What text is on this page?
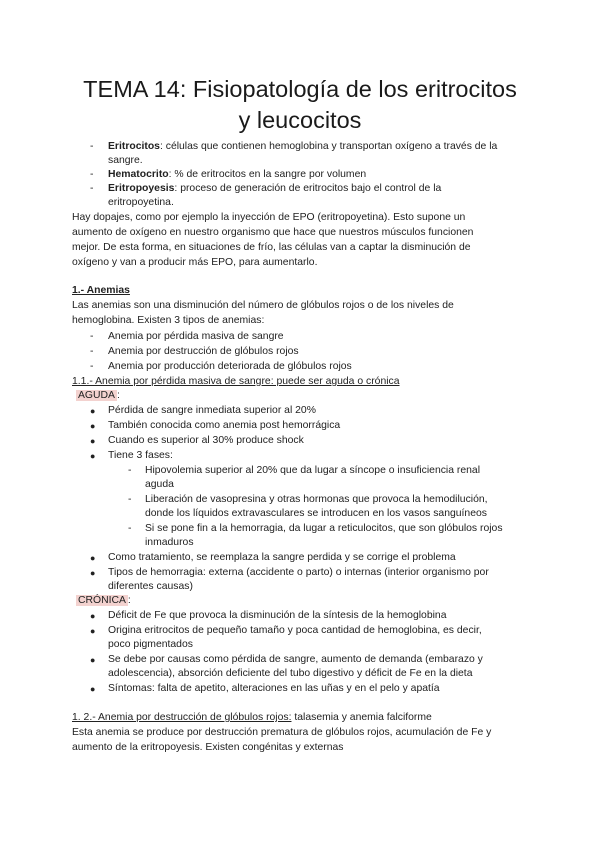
TEMA 14: Fisiopatología de los eritrocitos
y leucocitos
- Eritrocitos: células que contienen hemoglobina y transportan oxígeno a través de la
sangre.
- Hematocrito: % de eritrocitos en la sangre por volumen
- Eritropoyesis: proceso de generación de eritrocitos bajo el control de la
eritropoyetina.
Hay dopajes, como por ejemplo la inyección de EPO (eritropoyetina). Esto supone un
aumento de oxígeno en nuestro organismo que hace que nuestros músculos funcionen
mejor. De esta forma, en situaciones de frío, las células van a captar la disminución de
oxígeno y van a producir más EPO, para aumentarlo.
1.- Anemias
Las anemias son una disminución del número de glóbulos rojos o de los niveles de
hemoglobina. Existen 3 tipos de anemias:
- Anemia por pérdida masiva de sangre
- Anemia por destrucción de glóbulos rojos
- Anemia por producción deteriorada de glóbulos rojos
1.1.- Anemia por pérdida masiva de sangre: puede ser aguda o crónica
AGUDA :
● Pérdida de sangre inmediata superior al 20%
● También conocida como anemia post hemorrágica
● Cuando es superior al 30% produce shock
● Tiene 3 fases:
- Hipovolemia superior al 20% que da lugar a síncope o insuficiencia renal
aguda
- Liberación de vasopresina y otras hormonas que provoca la hemodilución,
donde los líquidos extravasculares se introducen en los vasos sanguíneos
- Si se pone fin a la hemorragia, da lugar a reticulocitos, que son glóbulos rojos
inmaduros
● Como tratamiento, se reemplaza la sangre perdida y se corrige el problema
● Tipos de hemorragia: externa (accidente o parto) o internas (interior organismo por
diferentes causas)
CRÓNICA :
● Déficit de Fe que provoca la disminución de la síntesis de la hemoglobina
● Origina eritrocitos de pequeño tamaño y poca cantidad de hemoglobina, es decir,
poco pigmentados
● Se debe por causas como pérdida de sangre, aumento de demanda (embarazo y
adolescencia), absorción deficiente del tubo digestivo y déficit de Fe en la dieta
● Síntomas: falta de apetito, alteraciones en las uñas y en el pelo y apatía
1. 2.- Anemia por destrucción de glóbulos rojos: talasemia y anemia falciforme
Esta anemia se produce por destrucción prematura de glóbulos rojos, acumulación de Fe y
aumento de la eritropoyesis. Existen congénitas y externas
